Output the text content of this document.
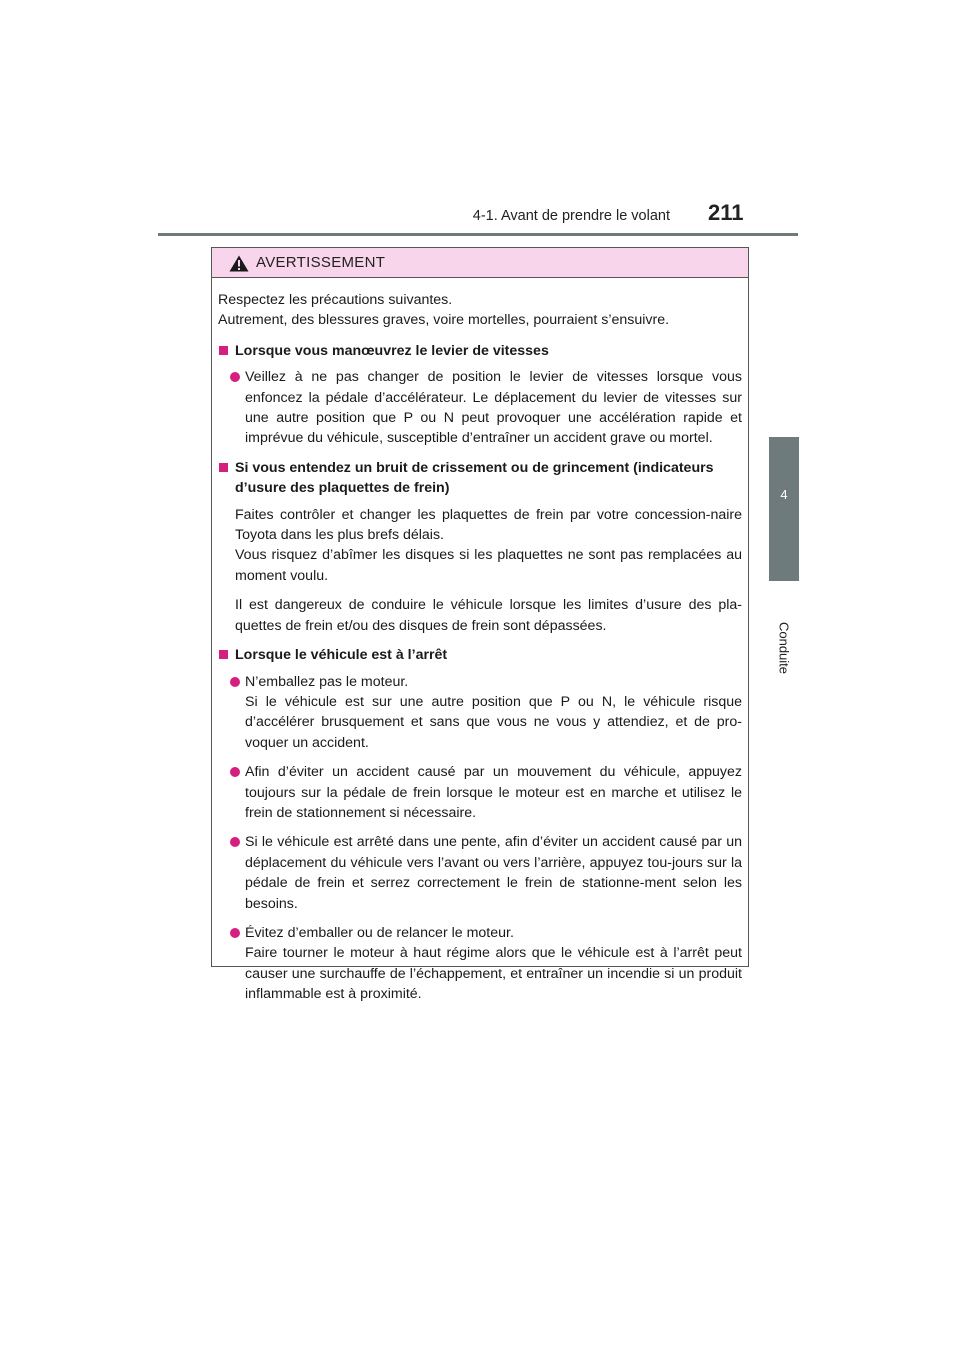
4-1. Avant de prendre le volant 211
4
Conduite
AVERTISSEMENT

Respectez les précautions suivantes.
Autrement, des blessures graves, voire mortelles, pourraient s’ensuivre.

Lorsque vous manœuvrez le levier de vitesses
Veillez à ne pas changer de position le levier de vitesses lorsque vous enfoncez la pédale d’accélérateur. Le déplacement du levier de vitesses sur une autre position que P ou N peut provoquer une accélération rapide et imprévue du véhicule, susceptible d’entraîner un accident grave ou mortel.
Si vous entendez un bruit de crissement ou de grincement (indicateurs d’usure des plaquettes de frein)

Faites contrôler et changer les plaquettes de frein par votre concession-naire Toyota dans les plus brefs délais.
Vous risquez d’abîmer les disques si les plaquettes ne sont pas remplacées au moment voulu.

Il est dangereux de conduire le véhicule lorsque les limites d’usure des pla-quettes de frein et/ou des disques de frein sont dépassées.

Lorsque le véhicule est à l’arrêt
N’emballez pas le moteur.
Si le véhicule est sur une autre position que P ou N, le véhicule risque d’accélérer brusquement et sans que vous ne vous y attendiez, et de pro-voquer un accident.
Afin d’éviter un accident causé par un mouvement du véhicule, appuyez toujours sur la pédale de frein lorsque le moteur est en marche et utilisez le frein de stationnement si nécessaire.
Si le véhicule est arrêté dans une pente, afin d’éviter un accident causé par un déplacement du véhicule vers l’avant ou vers l’arrière, appuyez tou-jours sur la pédale de frein et serrez correctement le frein de stationne-ment selon les besoins.
Évitez d’emballer ou de relancer le moteur.
Faire tourner le moteur à haut régime alors que le véhicule est à l’arrêt peut causer une surchauffe de l’échappement, et entraîner un incendie si un produit inflammable est à proximité.
